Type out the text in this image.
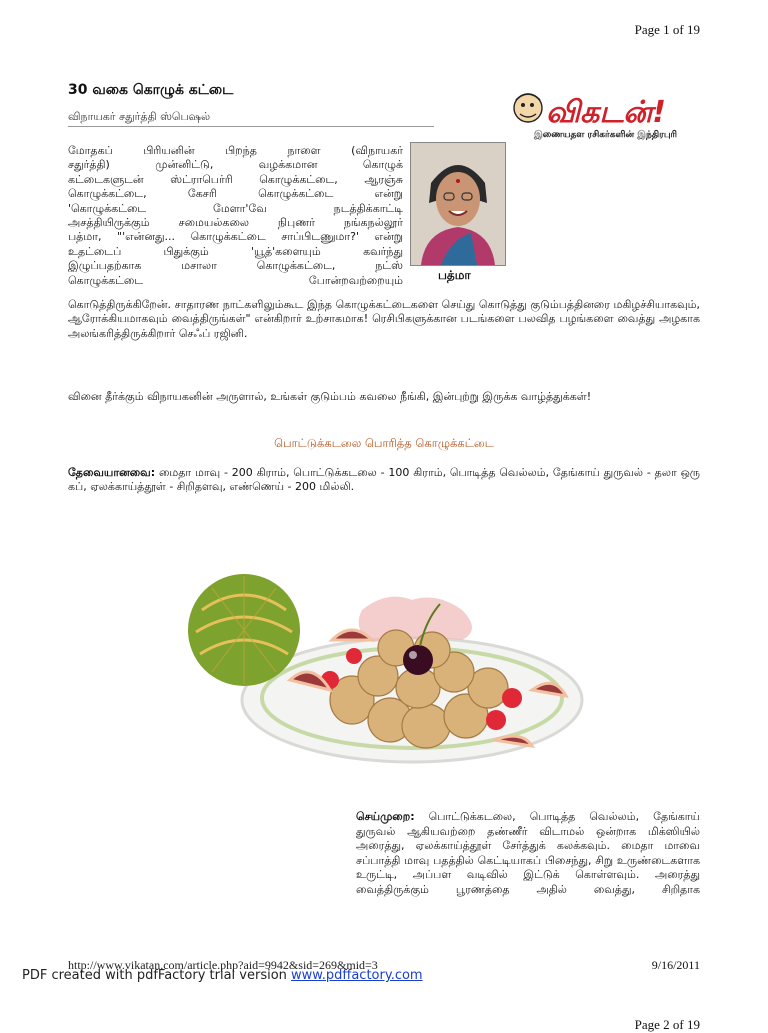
Page 1 of 19
30 வகை கொழுக் கட்டை
விநாயகர் சதுர்த்தி ஸ்பெஷல்	விகடன்!
இணையதள ரசிகர்களின் இந்திரபுரி
மோதகப் பிரியனின் பிறந்த நாளை (விநாயகர்
சதுர்த்தி) முன்னிட்டு, வழக்கமான கொழுக்
கட்டைகளுடன் ஸ்ட்ராபெர்ரி கொழுக்கட்டை, ஆரஞ்சு
கொழுக்கட்டை, கேசரி கொழுக்கட்டை என்று
'கொழுக்கட்டை மேளா'வே நடத்திக்காட்டி
அசத்தியிருக்கும் சமையல்கலை நிபுணர் நங்கநல்லூர்
பத்மா, "'என்னது... கொழுக்கட்டை சாப்பிடணுமா?' என்று
உதட்டைப் பிதுக்கும் 'யூத்'களையும் கவர்ந்து
இழுப்பதற்காக மசாலா கொழுக்கட்டை, நட்ஸ்
கொழுக்கட்டை போன்றவற்றையும்	பத்மா
கொடுத்திருக்கிறேன். சாதாரண நாட்களிலும்கூட இந்த கொழுக்கட்டைகளை செய்து கொடுத்து குடும்பத்தினரை மகிழச்சியாகவும், ஆரோக்கியமாகவும் வைத்திருங்கள்" என்கிறார் உற்சாகமாக! ரெசிபிகளுக்கான படங்களை பலவித பழங்களை வைத்து அழகாக அலங்கரித்திருக்கிறார் செஃப் ரஜினி.
வினை தீர்க்கும் விநாயகனின் அருளால், உங்கள் குடும்பம் கவலை நீங்கி, இன்புற்று இருக்க வாழ்த்துக்கள்!
பொட்டுக்கடலை பொரித்த கொழுக்கட்டை
தேவையானவை: மைதா மாவு - 200 கிராம், பொட்டுக்கடலை - 100 கிராம், பொடித்த வெல்லம், தேங்காய் துருவல் - தலா ஒரு கப், ஏலக்காய்த்தூள் - சிறிதளவு, எண்ணெய் - 200 மில்லி.
செய்முறை: பொட்டுக்கடலை, பொடித்த வெல்லம், தேங்காய் துருவல் ஆகியவற்றை தண்ணீர் விடாமல் ஒன்றாக மிக்ஸியில் அரைத்து, ஏலக்காய்த்தூள் சேர்த்துக் கலக்கவும். மைதா மாவை சப்பாத்தி மாவு பதத்தில் கெட்டியாகப் பிசைந்து, சிறு உருண்டைகளாக உருட்டி, அப்பள வடிவில் இட்டுக் கொள்ளவும். அரைத்து வைத்திருக்கும் பூரணத்தை அதில் வைத்து, சிறிதாக
http://www.vikatan.com/article.php?aid=9942&sid=269&mid=3	9/16/2011
PDF created with pdfFactory trial version www.pdffactory.com
Page 2 of 19
